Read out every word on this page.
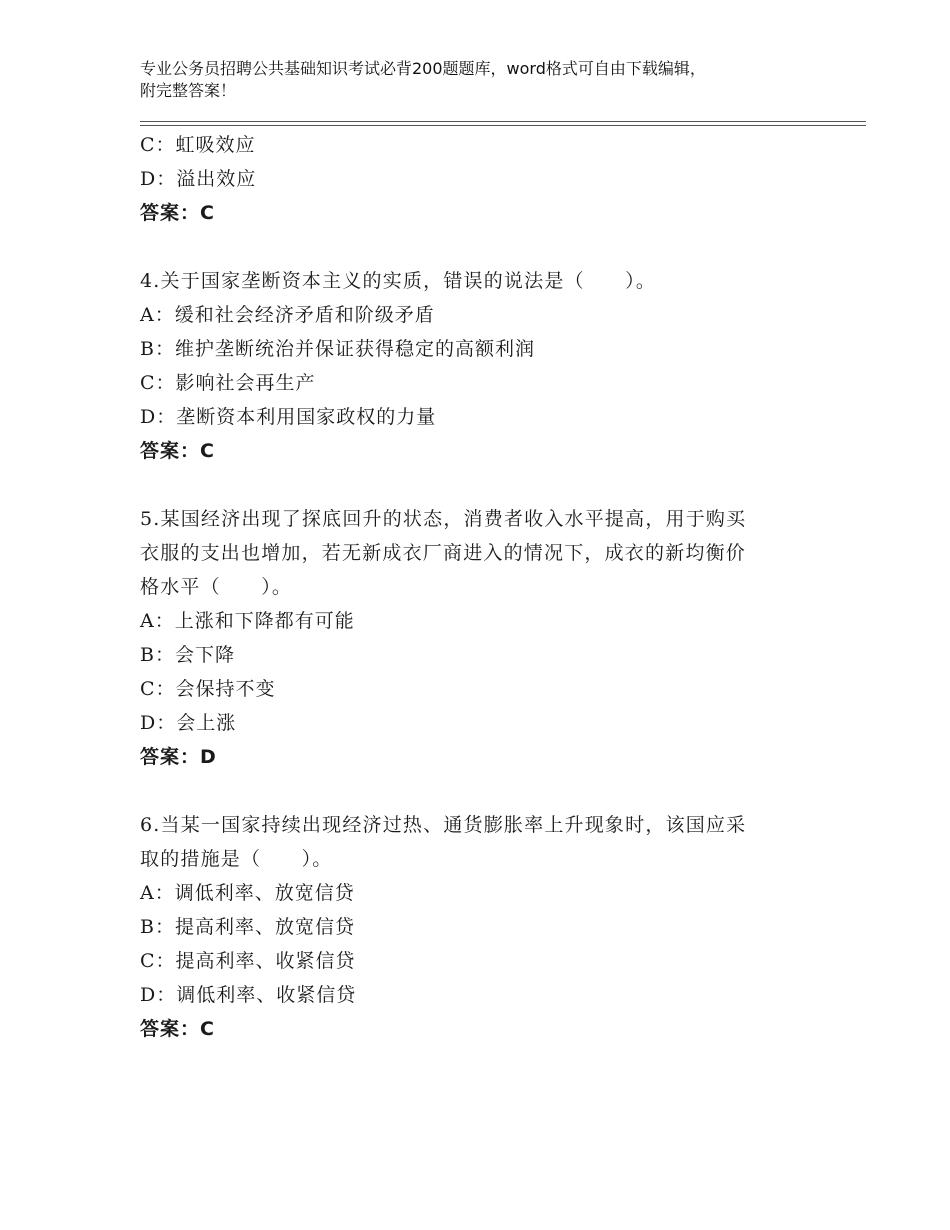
专业公务员招聘公共基础知识考试必背200题题库，word格式可自由下载编辑，
附完整答案！
C：虹吸效应
D：溢出效应
答案：C
4.关于国家垄断资本主义的实质，错误的说法是（　　）。
A：缓和社会经济矛盾和阶级矛盾
B：维护垄断统治并保证获得稳定的高额利润
C：影响社会再生产
D：垄断资本利用国家政权的力量
答案：C
5.某国经济出现了探底回升的状态，消费者收入水平提高，用于购买
衣服的支出也增加，若无新成衣厂商进入的情况下，成衣的新均衡价
格水平（　　）。
A：上涨和下降都有可能
B：会下降
C：会保持不变
D：会上涨
答案：D
6.当某一国家持续出现经济过热、通货膨胀率上升现象时，该国应采
取的措施是（　　）。
A：调低利率、放宽信贷
B：提高利率、放宽信贷
C：提高利率、收紧信贷
D：调低利率、收紧信贷
答案：C
